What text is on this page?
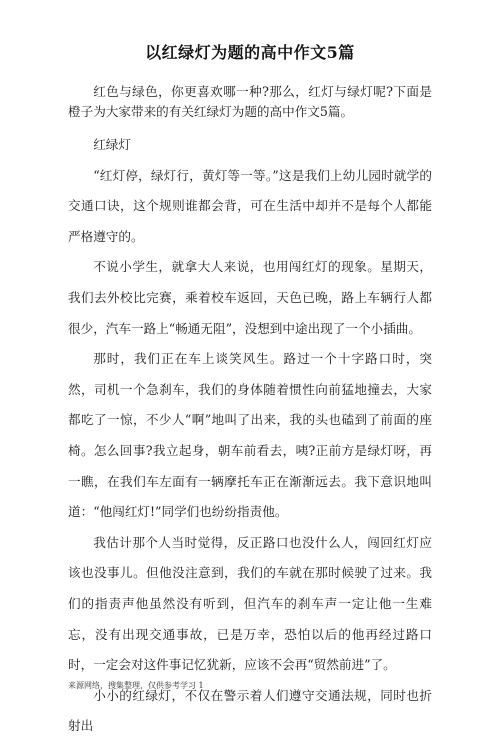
以红绿灯为题的高中作文5篇

红色与绿色，你更喜欢哪一种?那么，红灯与绿灯呢?下面是橙子为大家带来的有关红绿灯为题的高中作文5篇。

红绿灯

“红灯停，绿灯行，黄灯等一等。”这是我们上幼儿园时就学的交通口诀，这个规则谁都会背，可在生活中却并不是每个人都能严格遵守的。

不说小学生，就拿大人来说，也用闯红灯的现象。星期天，我们去外校比完赛，乘着校车返回，天色已晚，路上车辆行人都很少，汽车一路上“畅通无阻”，没想到中途出现了一个小插曲。

那时，我们正在车上谈笑风生。路过一个十字路口时，突然，司机一个急刹车，我们的身体随着惯性向前猛地撞去，大家都吃了一惊，不少人“啊”地叫了出来，我的头也磕到了前面的座椅。怎么回事?我立起身，朝车前看去，咦?正前方是绿灯呀，再一瞧，在我们车左面有一辆摩托车正在渐渐远去。我下意识地叫道：“他闯红灯!”同学们也纷纷指责他。

我估计那个人当时觉得，反正路口也没什么人，闯回红灯应该也没事儿。但他没注意到，我们的车就在那时候驶了过来。我们的指责声他虽然没有听到，但汽车的刹车声一定让他一生难忘，没有出现交通事故，已是万幸，恐怕以后的他再经过路口时，一定会对这件事记忆犹新，应该不会再“贸然前进”了。

小小的红绿灯，不仅在警示着人们遵守交通法规，同时也折射出

来源网络，搜集整理，仅供参考学习 1
